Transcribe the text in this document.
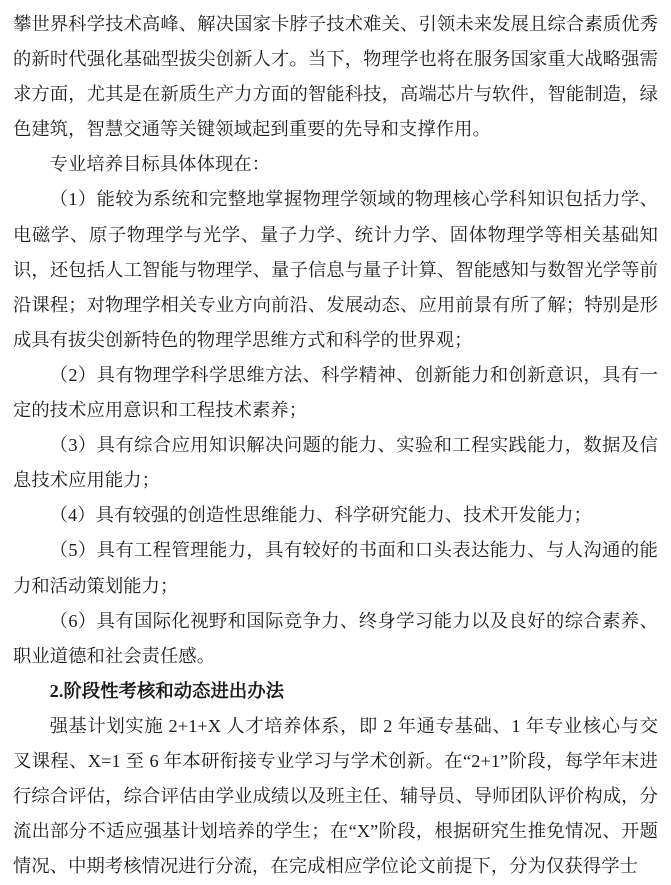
攀世界科学技术高峰、解决国家卡脖子技术难关、引领未来发展且综合素质优秀的新时代强化基础型拔尖创新人才。当下，物理学也将在服务国家重大战略强需求方面，尤其是在新质生产力方面的智能科技，高端芯片与软件，智能制造，绿色建筑，智慧交通等关键领域起到重要的先导和支撑作用。

专业培养目标具体体现在：

（1）能较为系统和完整地掌握物理学领域的物理核心学科知识包括力学、电磁学、原子物理学与光学、量子力学、统计力学、固体物理学等相关基础知识，还包括人工智能与物理学、量子信息与量子计算、智能感知与数智光学等前沿课程；对物理学相关专业方向前沿、发展动态、应用前景有所了解；特别是形成具有拔尖创新特色的物理学思维方式和科学的世界观；

（2）具有物理学科学思维方法、科学精神、创新能力和创新意识，具有一定的技术应用意识和工程技术素养；

（3）具有综合应用知识解决问题的能力、实验和工程实践能力，数据及信息技术应用能力；

（4）具有较强的创造性思维能力、科学研究能力、技术开发能力；

（5）具有工程管理能力，具有较好的书面和口头表达能力、与人沟通的能力和活动策划能力；

（6）具有国际化视野和国际竞争力、终身学习能力以及良好的综合素养、职业道德和社会责任感。

2.阶段性考核和动态进出办法

强基计划实施 2+1+X 人才培养体系，即 2 年通专基础、1 年专业核心与交叉课程、X=1 至 6 年本研衔接专业学习与学术创新。在“2+1”阶段，每学年末进行综合评估，综合评估由学业成绩以及班主任、辅导员、导师团队评价构成，分流出部分不适应强基计划培养的学生；在“X”阶段，根据研究生推免情况、开题情况、中期考核情况进行分流，在完成相应学位论文前提下，分为仅获得学士
